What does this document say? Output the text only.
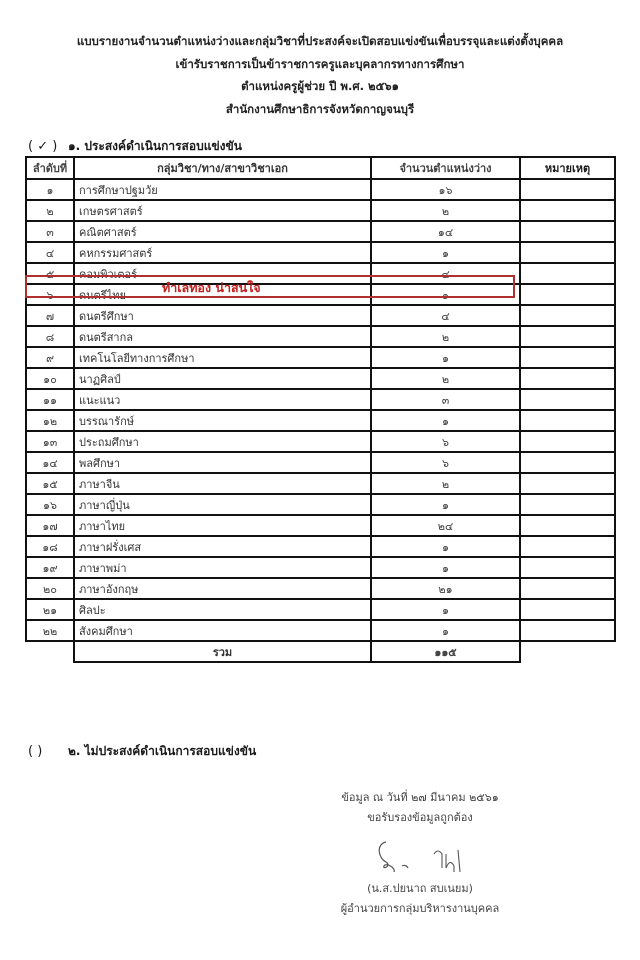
แบบรายงานจำนวนตำแหน่งว่างและกลุ่มวิชาที่ประสงค์จะเปิดสอบแข่งขันเพื่อบรรจุและแต่งตั้งบุคคล
เข้ารับราชการเป็นข้าราชการครูและบุคลากรทางการศึกษา
ตำแหน่งครูผู้ช่วย ปี พ.ศ. ๒๕๖๑
สำนักงานศึกษาธิการจังหวัดกาญจนบุรี
( ✓ ) ๑. ประสงค์ดำเนินการสอบแข่งขัน
ลำดับที่	กลุ่มวิชา/ทาง/สาขาวิชาเอก	จำนวนตำแหน่งว่าง	หมายเหตุ
๑	การศึกษาปฐมวัย	๑๖	
๒	เกษตรศาสตร์	๒	
๓	คณิตศาสตร์	๑๔	
๔	คหกรรมศาสตร์	๑	
๕	คอมพิวเตอร์	๔	
๖	ดนตรีไทย	๑	
๗	ดนตรีศึกษา	๔	
๘	ดนตรีสากล	๒	
๙	เทคโนโลยีทางการศึกษา	๑	
๑๐	นาฏศิลป์	๒	
๑๑	แนะแนว	๓	
๑๒	บรรณารักษ์	๑	
๑๓	ประถมศึกษา	๖	
๑๔	พลศึกษา	๖	
๑๕	ภาษาจีน	๒	
๑๖	ภาษาญี่ปุ่น	๑	
๑๗	ภาษาไทย	๒๔	
๑๘	ภาษาฝรั่งเศส	๑	
๑๙	ภาษาพม่า	๑	
๒๐	ภาษาอังกฤษ	๒๑	
๒๑	ศิลปะ	๑	
๒๒	สังคมศึกษา	๑	
	รวม	๑๑๕	
ทำเลทอง น่าสนใจ
( )	๒. ไม่ประสงค์ดำเนินการสอบแข่งขัน
ข้อมูล ณ วันที่ ๒๗ มีนาคม ๒๕๖๑
ขอรับรองข้อมูลถูกต้อง
(น.ส.ปยนาถ สบเนยม)
ผู้อำนวยการกลุ่มบริหารงานบุคคล
